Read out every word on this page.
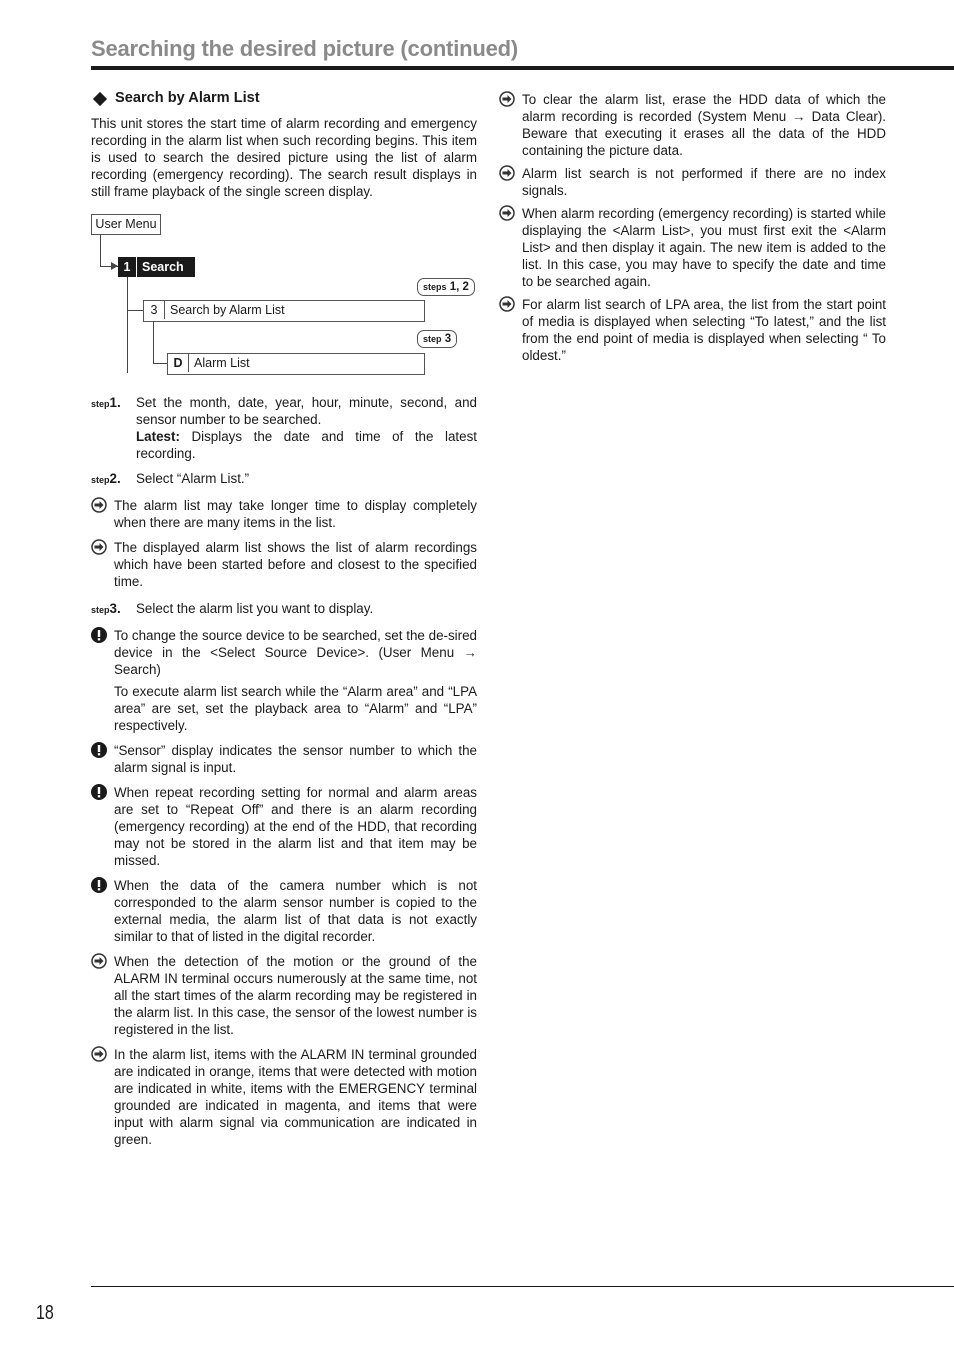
Searching the desired picture (continued)
Search by Alarm List

This unit stores the start time of alarm recording and emergency recording in the alarm list when such recording begins. This item is used to search the desired picture using the list of alarm recording (emergency recording). The search result displays in still frame playback of the single screen display.

User Menu
1 Search
3 Search by Alarm List
D Alarm List
steps 1, 2
step 3
step1.	Set the month, date, year, hour, minute, second, and sensor number to be searched.
Latest: Displays the date and time of the latest recording.
step2.	Select “Alarm List.”
The alarm list may take longer time to display completely when there are many items in the list.
The displayed alarm list shows the list of alarm recordings which have been started before and closest to the specified time.
step3.	Select the alarm list you want to display.
To change the source device to be searched, set the de-sired device in the <Select Source Device>. (User Menu → Search)
To execute alarm list search while the “Alarm area” and “LPA area” are set, set the playback area to “Alarm” and “LPA” respectively.
“Sensor” display indicates the sensor number to which the alarm signal is input.
When repeat recording setting for normal and alarm areas are set to “Repeat Off” and there is an alarm recording (emergency recording) at the end of the HDD, that recording may not be stored in the alarm list and that item may be missed.
When the data of the camera number which is not corresponded to the alarm sensor number is copied to the external media, the alarm list of that data is not exactly similar to that of listed in the digital recorder.
When the detection of the motion or the ground of the ALARM IN terminal occurs numerously at the same time, not all the start times of the alarm recording may be registered in the alarm list. In this case, the sensor of the lowest number is registered in the list.
In the alarm list, items with the ALARM IN terminal grounded are indicated in orange, items that were detected with motion are indicated in white, items with the EMERGENCY terminal grounded are indicated in magenta, and items that were input with alarm signal via communication are indicated in green.
To clear the alarm list, erase the HDD data of which the alarm recording is recorded (System Menu → Data Clear). Beware that executing it erases all the data of the HDD containing the picture data.
Alarm list search is not performed if there are no index signals.
When alarm recording (emergency recording) is started while displaying the <Alarm List>, you must first exit the <Alarm List> and then display it again. The new item is added to the list. In this case, you may have to specify the date and time to be searched again.
For alarm list search of LPA area, the list from the start point of media is displayed when selecting “To latest,” and the list from the end point of media is displayed when selecting “ To oldest.”
18
